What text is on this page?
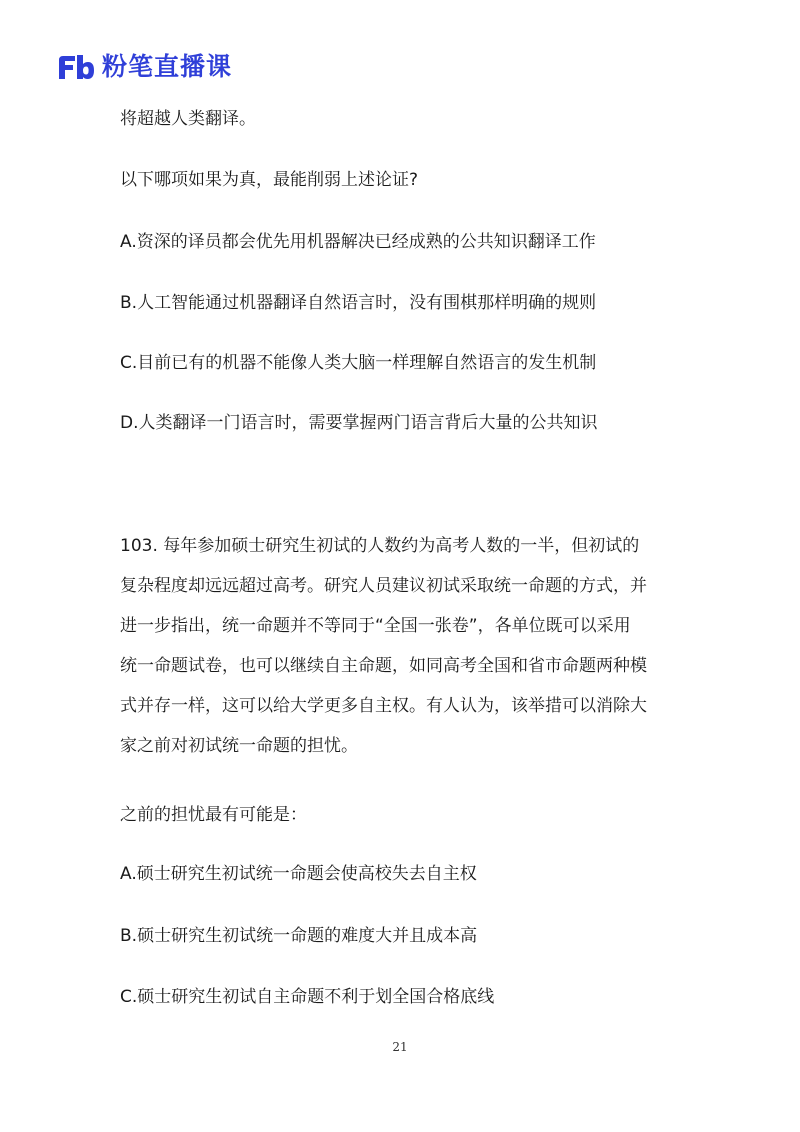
粉笔直播课
将超越人类翻译。
以下哪项如果为真，最能削弱上述论证?
A.资深的译员都会优先用机器解决已经成熟的公共知识翻译工作
B.人工智能通过机器翻译自然语言时，没有围棋那样明确的规则
C.目前已有的机器不能像人类大脑一样理解自然语言的发生机制
D.人类翻译一门语言时，需要掌握两门语言背后大量的公共知识
103. 每年参加硕士研究生初试的人数约为高考人数的一半，但初试的
复杂程度却远远超过高考。研究人员建议初试采取统一命题的方式，并
进一步指出，统一命题并不等同于“全国一张卷”，各单位既可以采用
统一命题试卷，也可以继续自主命题，如同高考全国和省市命题两种模
式并存一样，这可以给大学更多自主权。有人认为，该举措可以消除大
家之前对初试统一命题的担忧。
之前的担忧最有可能是：
A.硕士研究生初试统一命题会使高校失去自主权
B.硕士研究生初试统一命题的难度大并且成本高
C.硕士研究生初试自主命题不利于划全国合格底线
21
